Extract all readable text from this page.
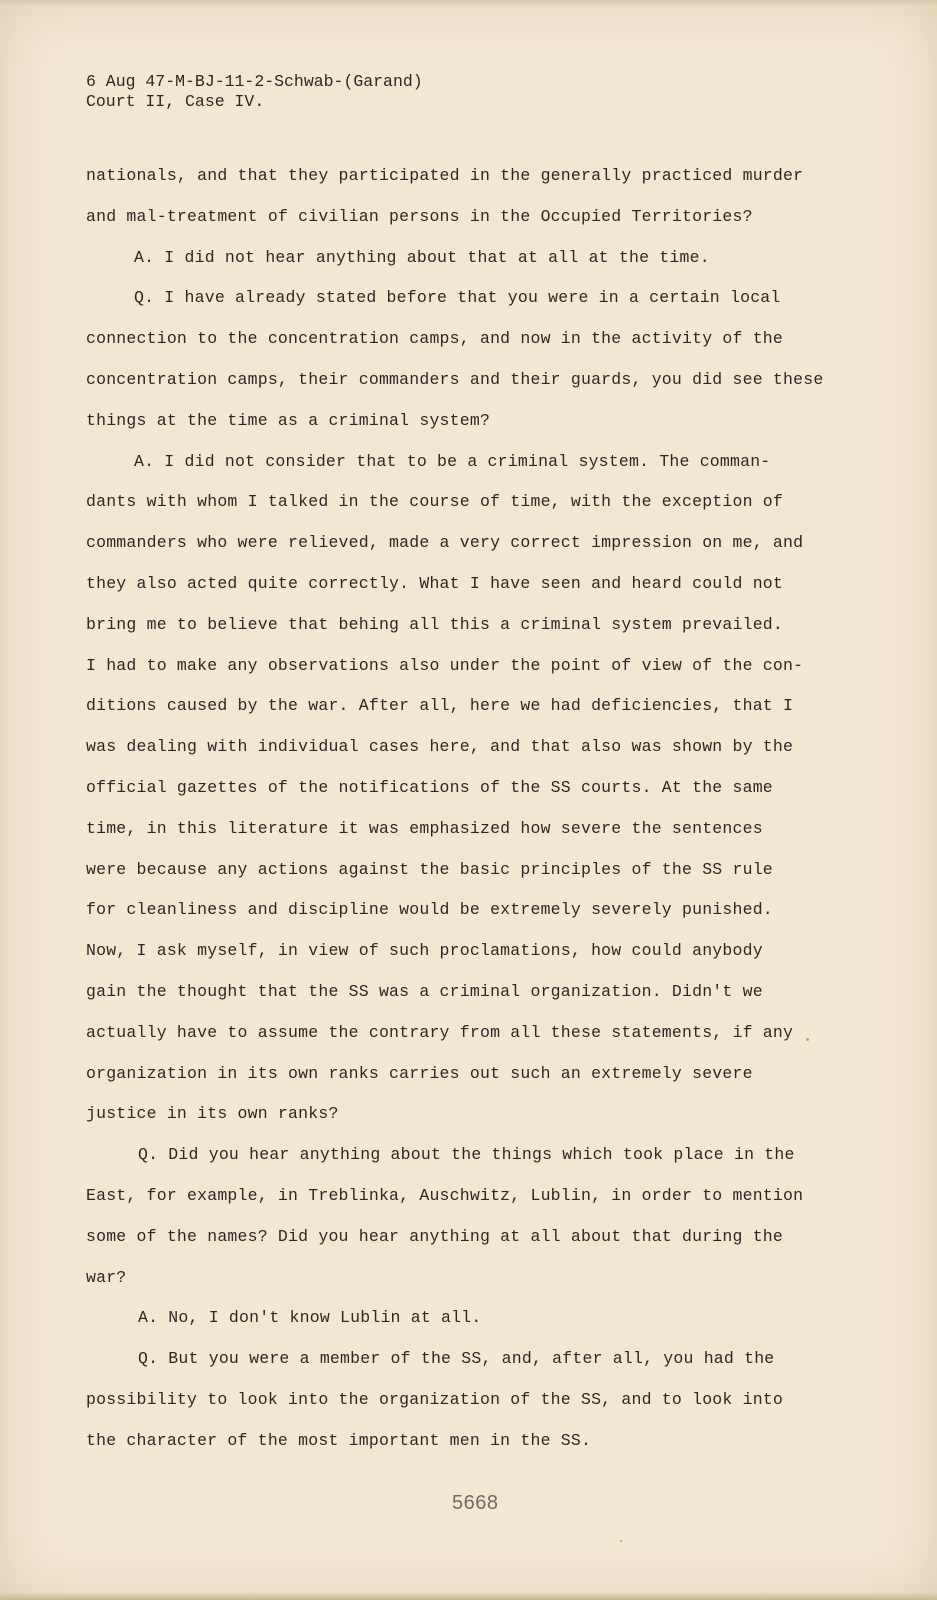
6 Aug 47-M-BJ-11-2-Schwab-(Garand)
Court II, Case IV.
nationals, and that they participated in the generally practiced murder
and mal-treatment of civilian persons in the Occupied Territories?
A. I did not hear anything about that at all at the time.
Q. I have already stated before that you were in a certain local
connection to the concentration camps, and now in the activity of the
concentration camps, their commanders and their guards, you did see these
things at the time as a criminal system?
A. I did not consider that to be a criminal system. The comman-
dants with whom I talked in the course of time, with the exception of
commanders who were relieved, made a very correct impression on me, and
they also acted quite correctly. What I have seen and heard could not
bring me to believe that behing all this a criminal system prevailed.
I had to make any observations also under the point of view of the con-
ditions caused by the war. After all, here we had deficiencies, that I
was dealing with individual cases here, and that also was shown by the
official gazettes of the notifications of the SS courts. At the same
time, in this literature it was emphasized how severe the sentences
were because any actions against the basic principles of the SS rule
for cleanliness and discipline would be extremely severely punished.
Now, I ask myself, in view of such proclamations, how could anybody
gain the thought that the SS was a criminal organization. Didn't we
actually have to assume the contrary from all these statements, if any
organization in its own ranks carries out such an extremely severe
justice in its own ranks?
Q. Did you hear anything about the things which took place in the
East, for example, in Treblinka, Auschwitz, Lublin, in order to mention
some of the names? Did you hear anything at all about that during the
war?
A. No, I don't know Lublin at all.
Q. But you were a member of the SS, and, after all, you had the
possibility to look into the organization of the SS, and to look into
the character of the most important men in the SS.
5668
